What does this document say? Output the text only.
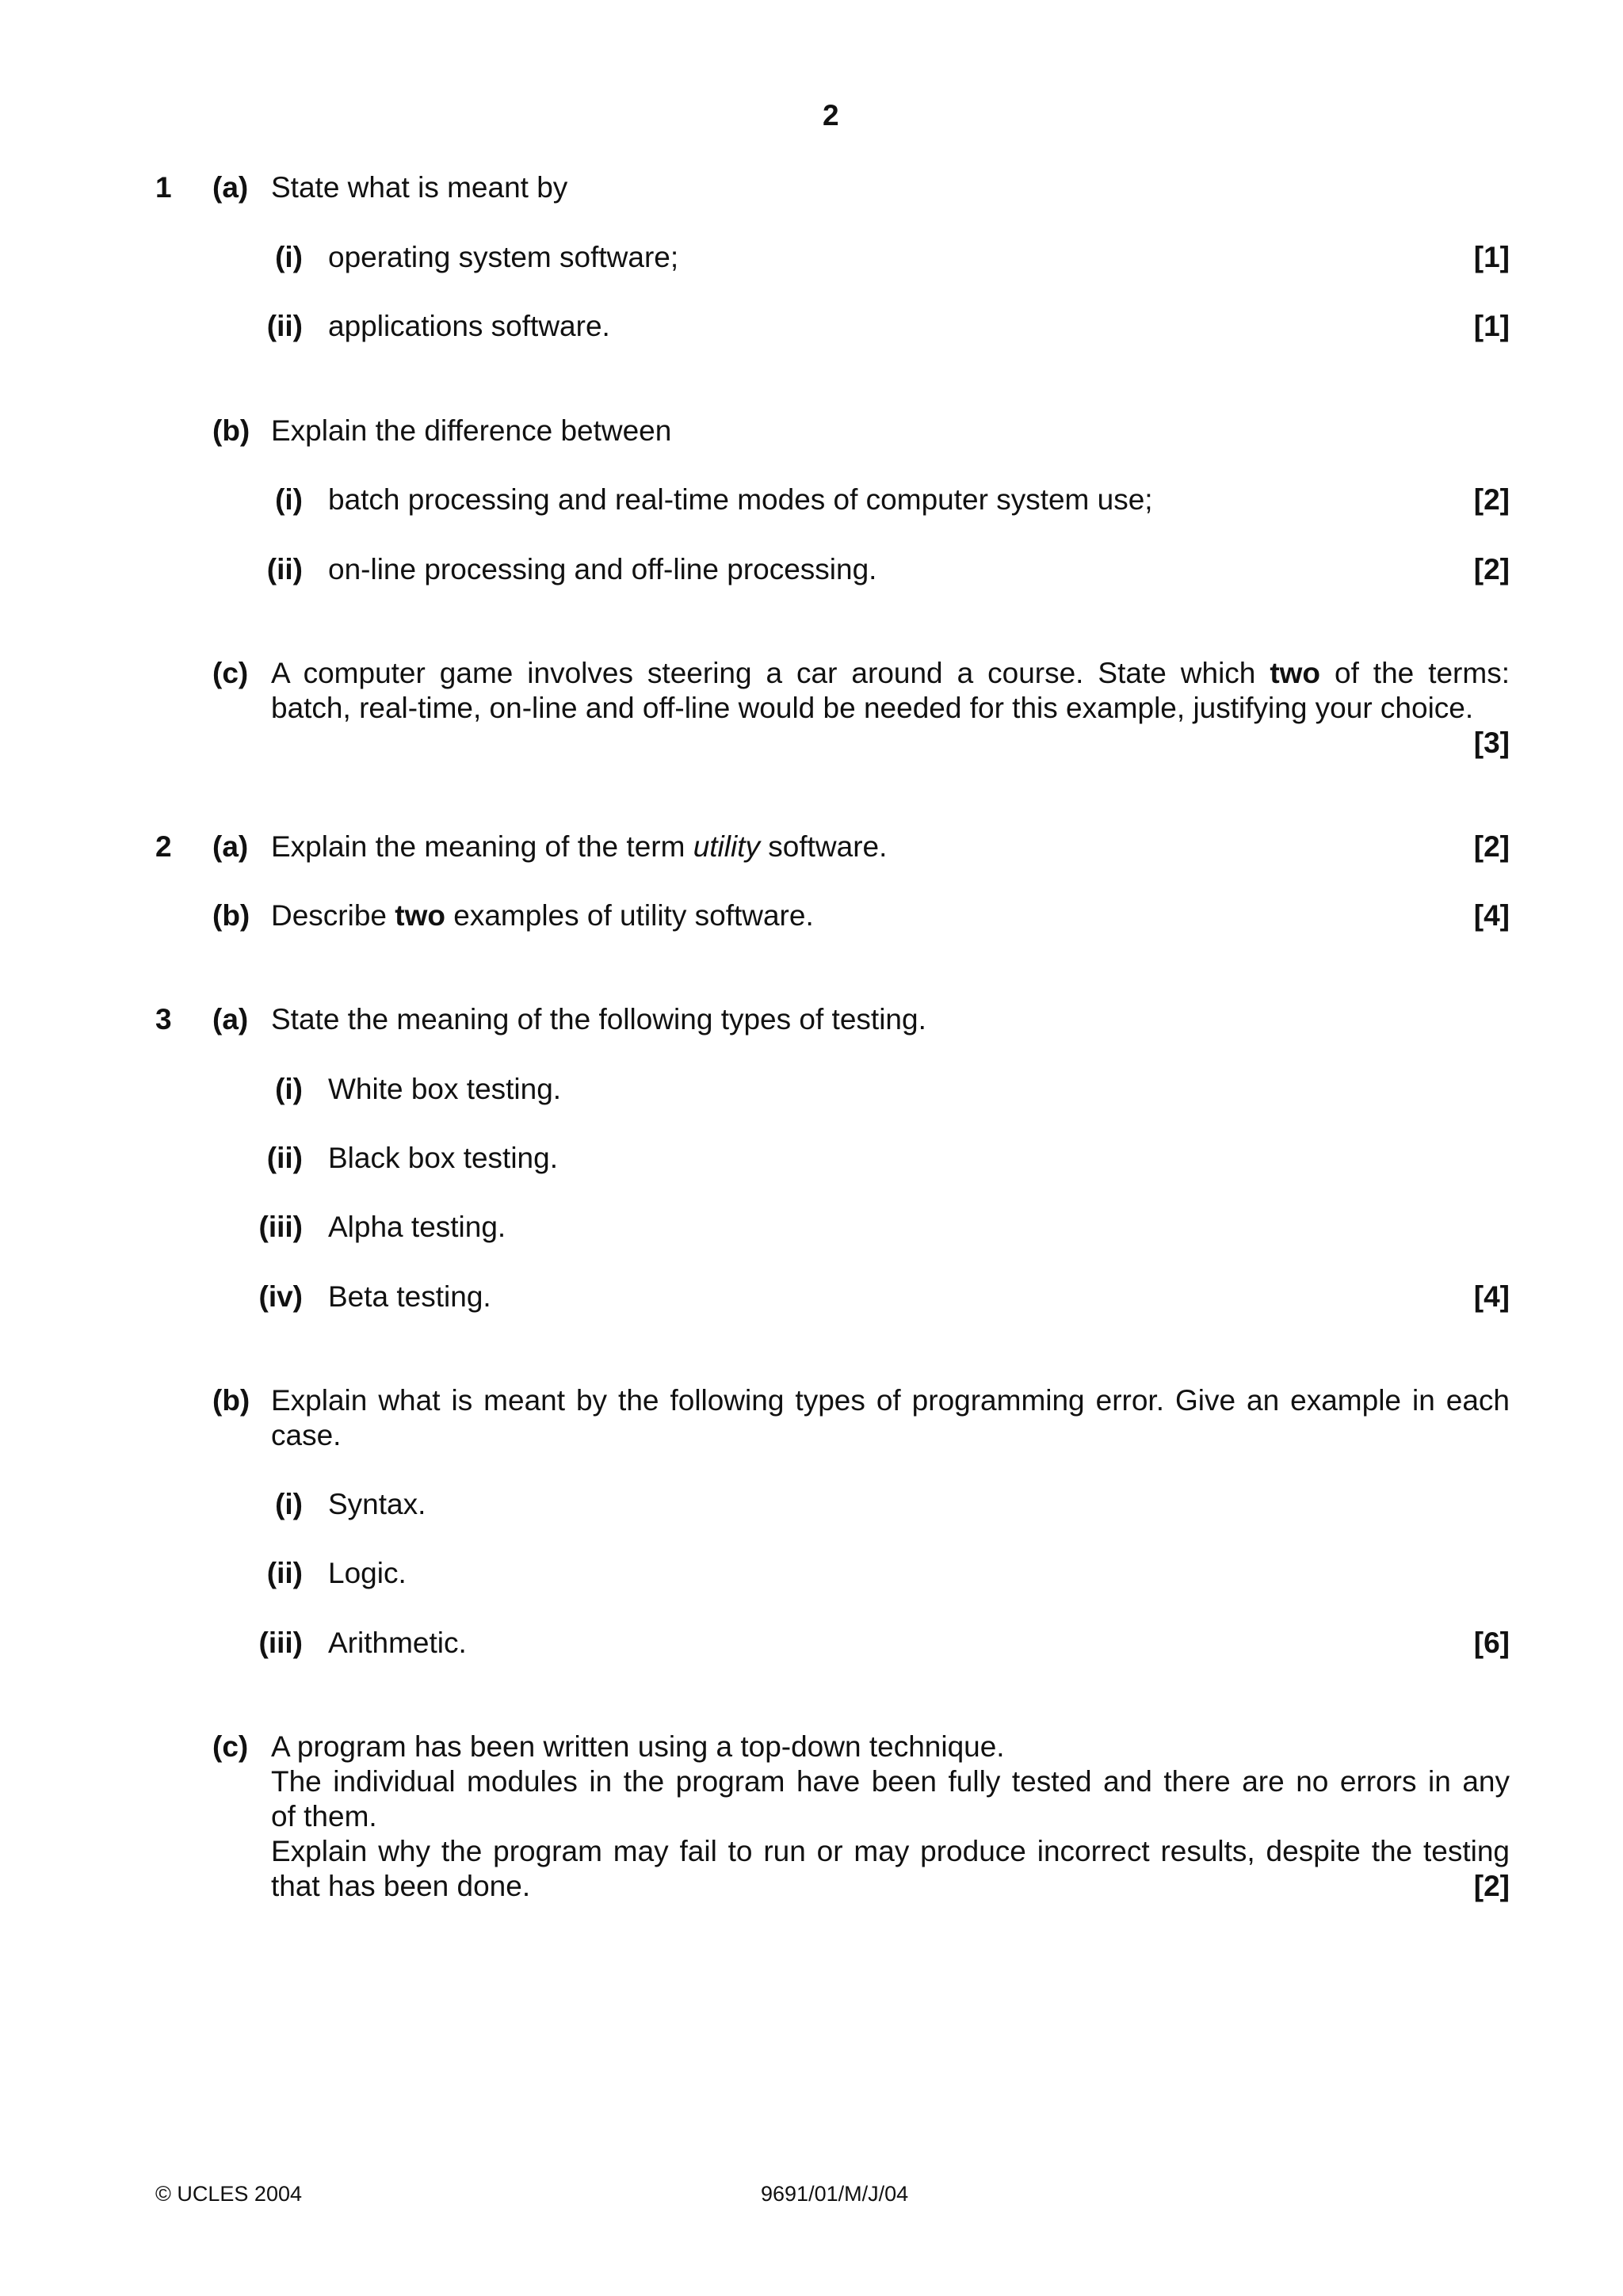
2
1 (a) State what is meant by
(i) operating system software;	[1]
(ii) applications software.	[1]
(b) Explain the difference between
(i) batch processing and real-time modes of computer system use;	[2]
(ii) on-line processing and off-line processing.	[2]
(c) A computer game involves steering a car around a course. State which two of the terms:
batch, real-time, on-line and off-line would be needed for this example, justifying your choice.
[3]
2 (a) Explain the meaning of the term utility software.	[2]
(b) Describe two examples of utility software.	[4]
3 (a) State the meaning of the following types of testing.
(i) White box testing.
(ii) Black box testing.
(iii) Alpha testing.
(iv) Beta testing.	[4]
(b) Explain what is meant by the following types of programming error. Give an example in each
case.
(i) Syntax.
(ii) Logic.
(iii) Arithmetic.	[6]
(c) A program has been written using a top-down technique.
The individual modules in the program have been fully tested and there are no errors in any
of them.
Explain why the program may fail to run or may produce incorrect results, despite the testing
that has been done.	[2]
© UCLES 2004	9691/01/M/J/04
